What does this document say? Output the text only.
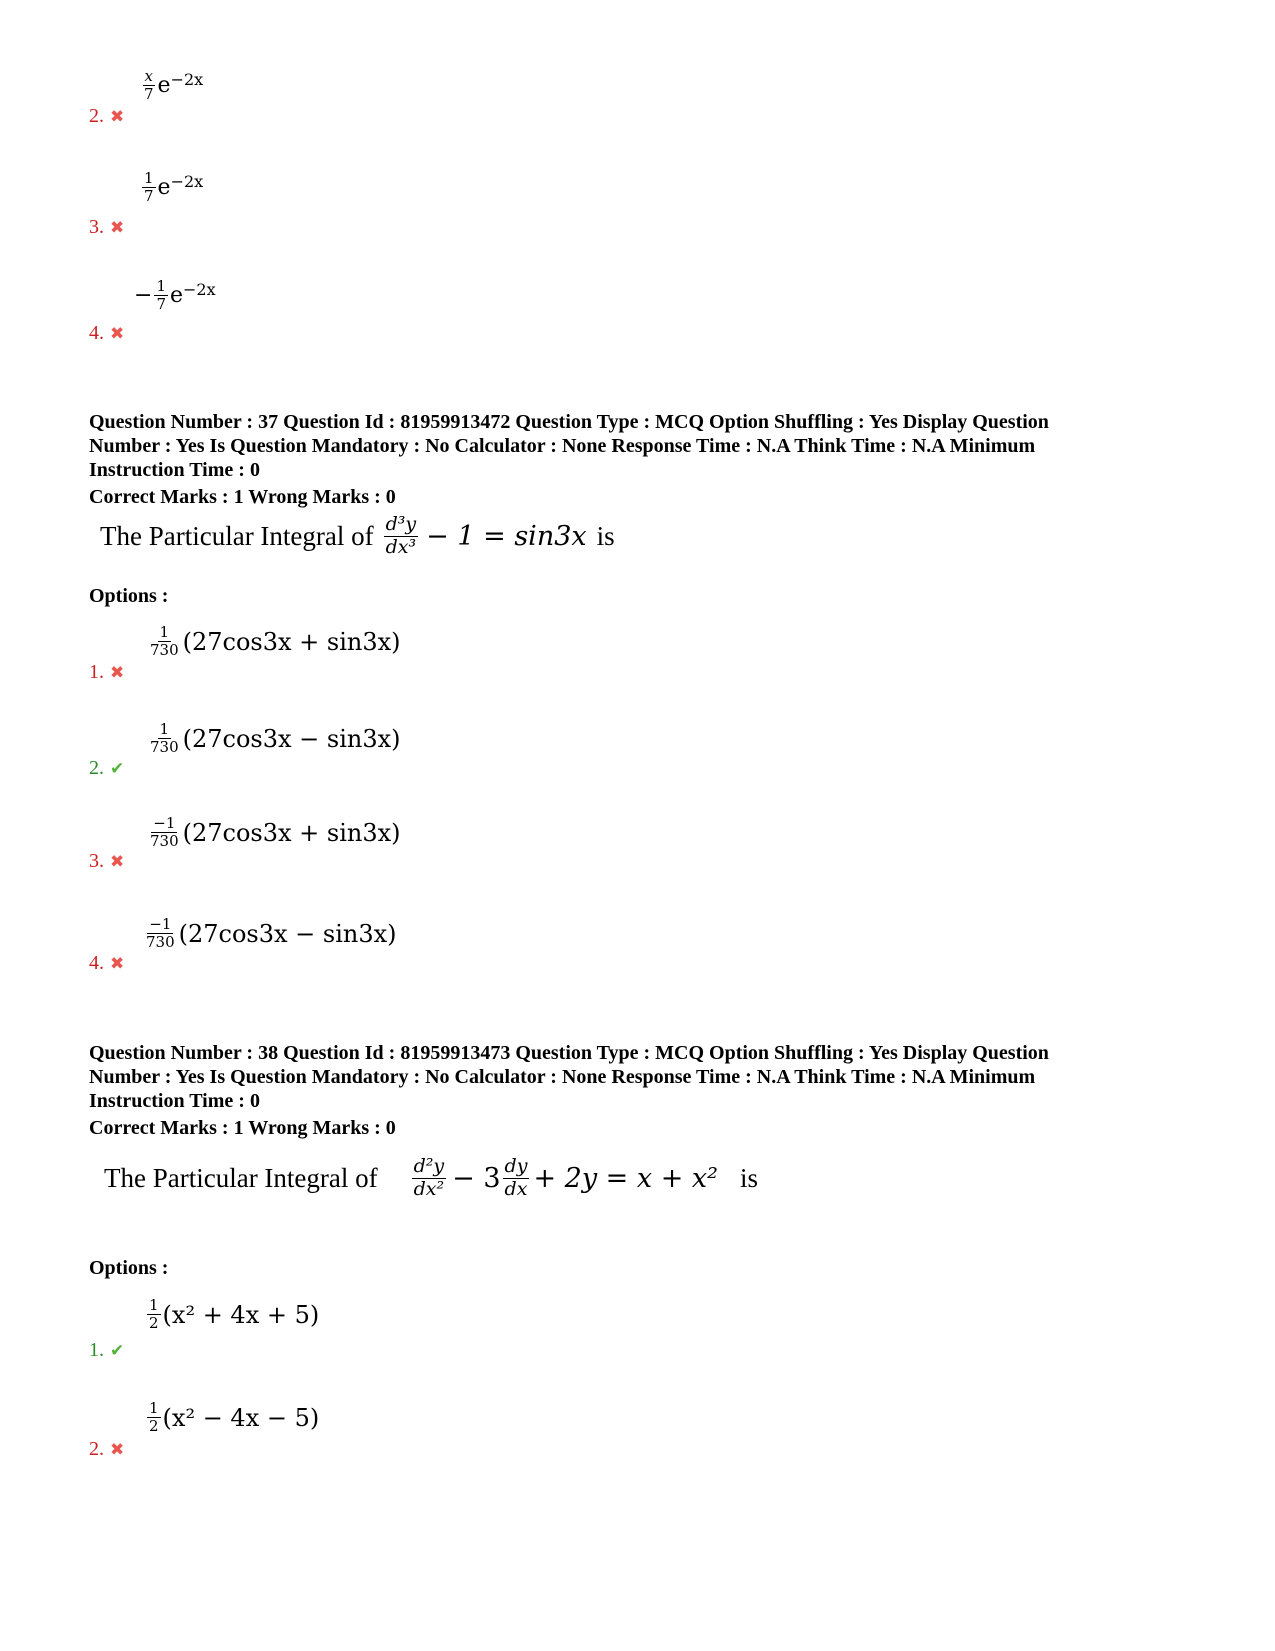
$\frac{x}{7}$ e −2x
2. ✖
$\frac{1}{7}$ e −2x
3. ✖
− $\frac{1}{7}$ e −2x
4. ✖
Question Number : 37 Question Id : 81959913472 Question Type : MCQ Option Shuffling : Yes Display Question Number : Yes Is Question Mandatory : No Calculator : None Response Time : N.A Think Time : N.A Minimum Instruction Time : 0
Correct Marks : 1 Wrong Marks : 0
The Particular Integral of $\frac{\text{d³y}}{\text{dx³}} - 1 = \sin 3x$ is
Options :
$\frac{1}{730} (27\cos 3x + \sin 3x)$
1. ✖
$\frac{1}{730} (27\cos 3x - \sin 3x)$
2. ✔
$\frac{-1}{730} (27\cos 3x + \sin 3x)$
3. ✖
$\frac{-1}{730} (27\cos 3x - \sin 3x)$
4. ✖
Question Number : 38 Question Id : 81959913473 Question Type : MCQ Option Shuffling : Yes Display Question Number : Yes Is Question Mandatory : No Calculator : None Response Time : N.A Think Time : N.A Minimum Instruction Time : 0
Correct Marks : 1 Wrong Marks : 0
The Particular Integral of $\frac{\text{d²y}}{\text{dx²}} - 3 \frac{dy}{dx} + 2y = x + x^2$ is
Options :
$\frac{1}{2} (x^2 + 4x + 5)$
1. ✔
$\frac{1}{2} (x^2 - 4x - 5)$
2. ✖
